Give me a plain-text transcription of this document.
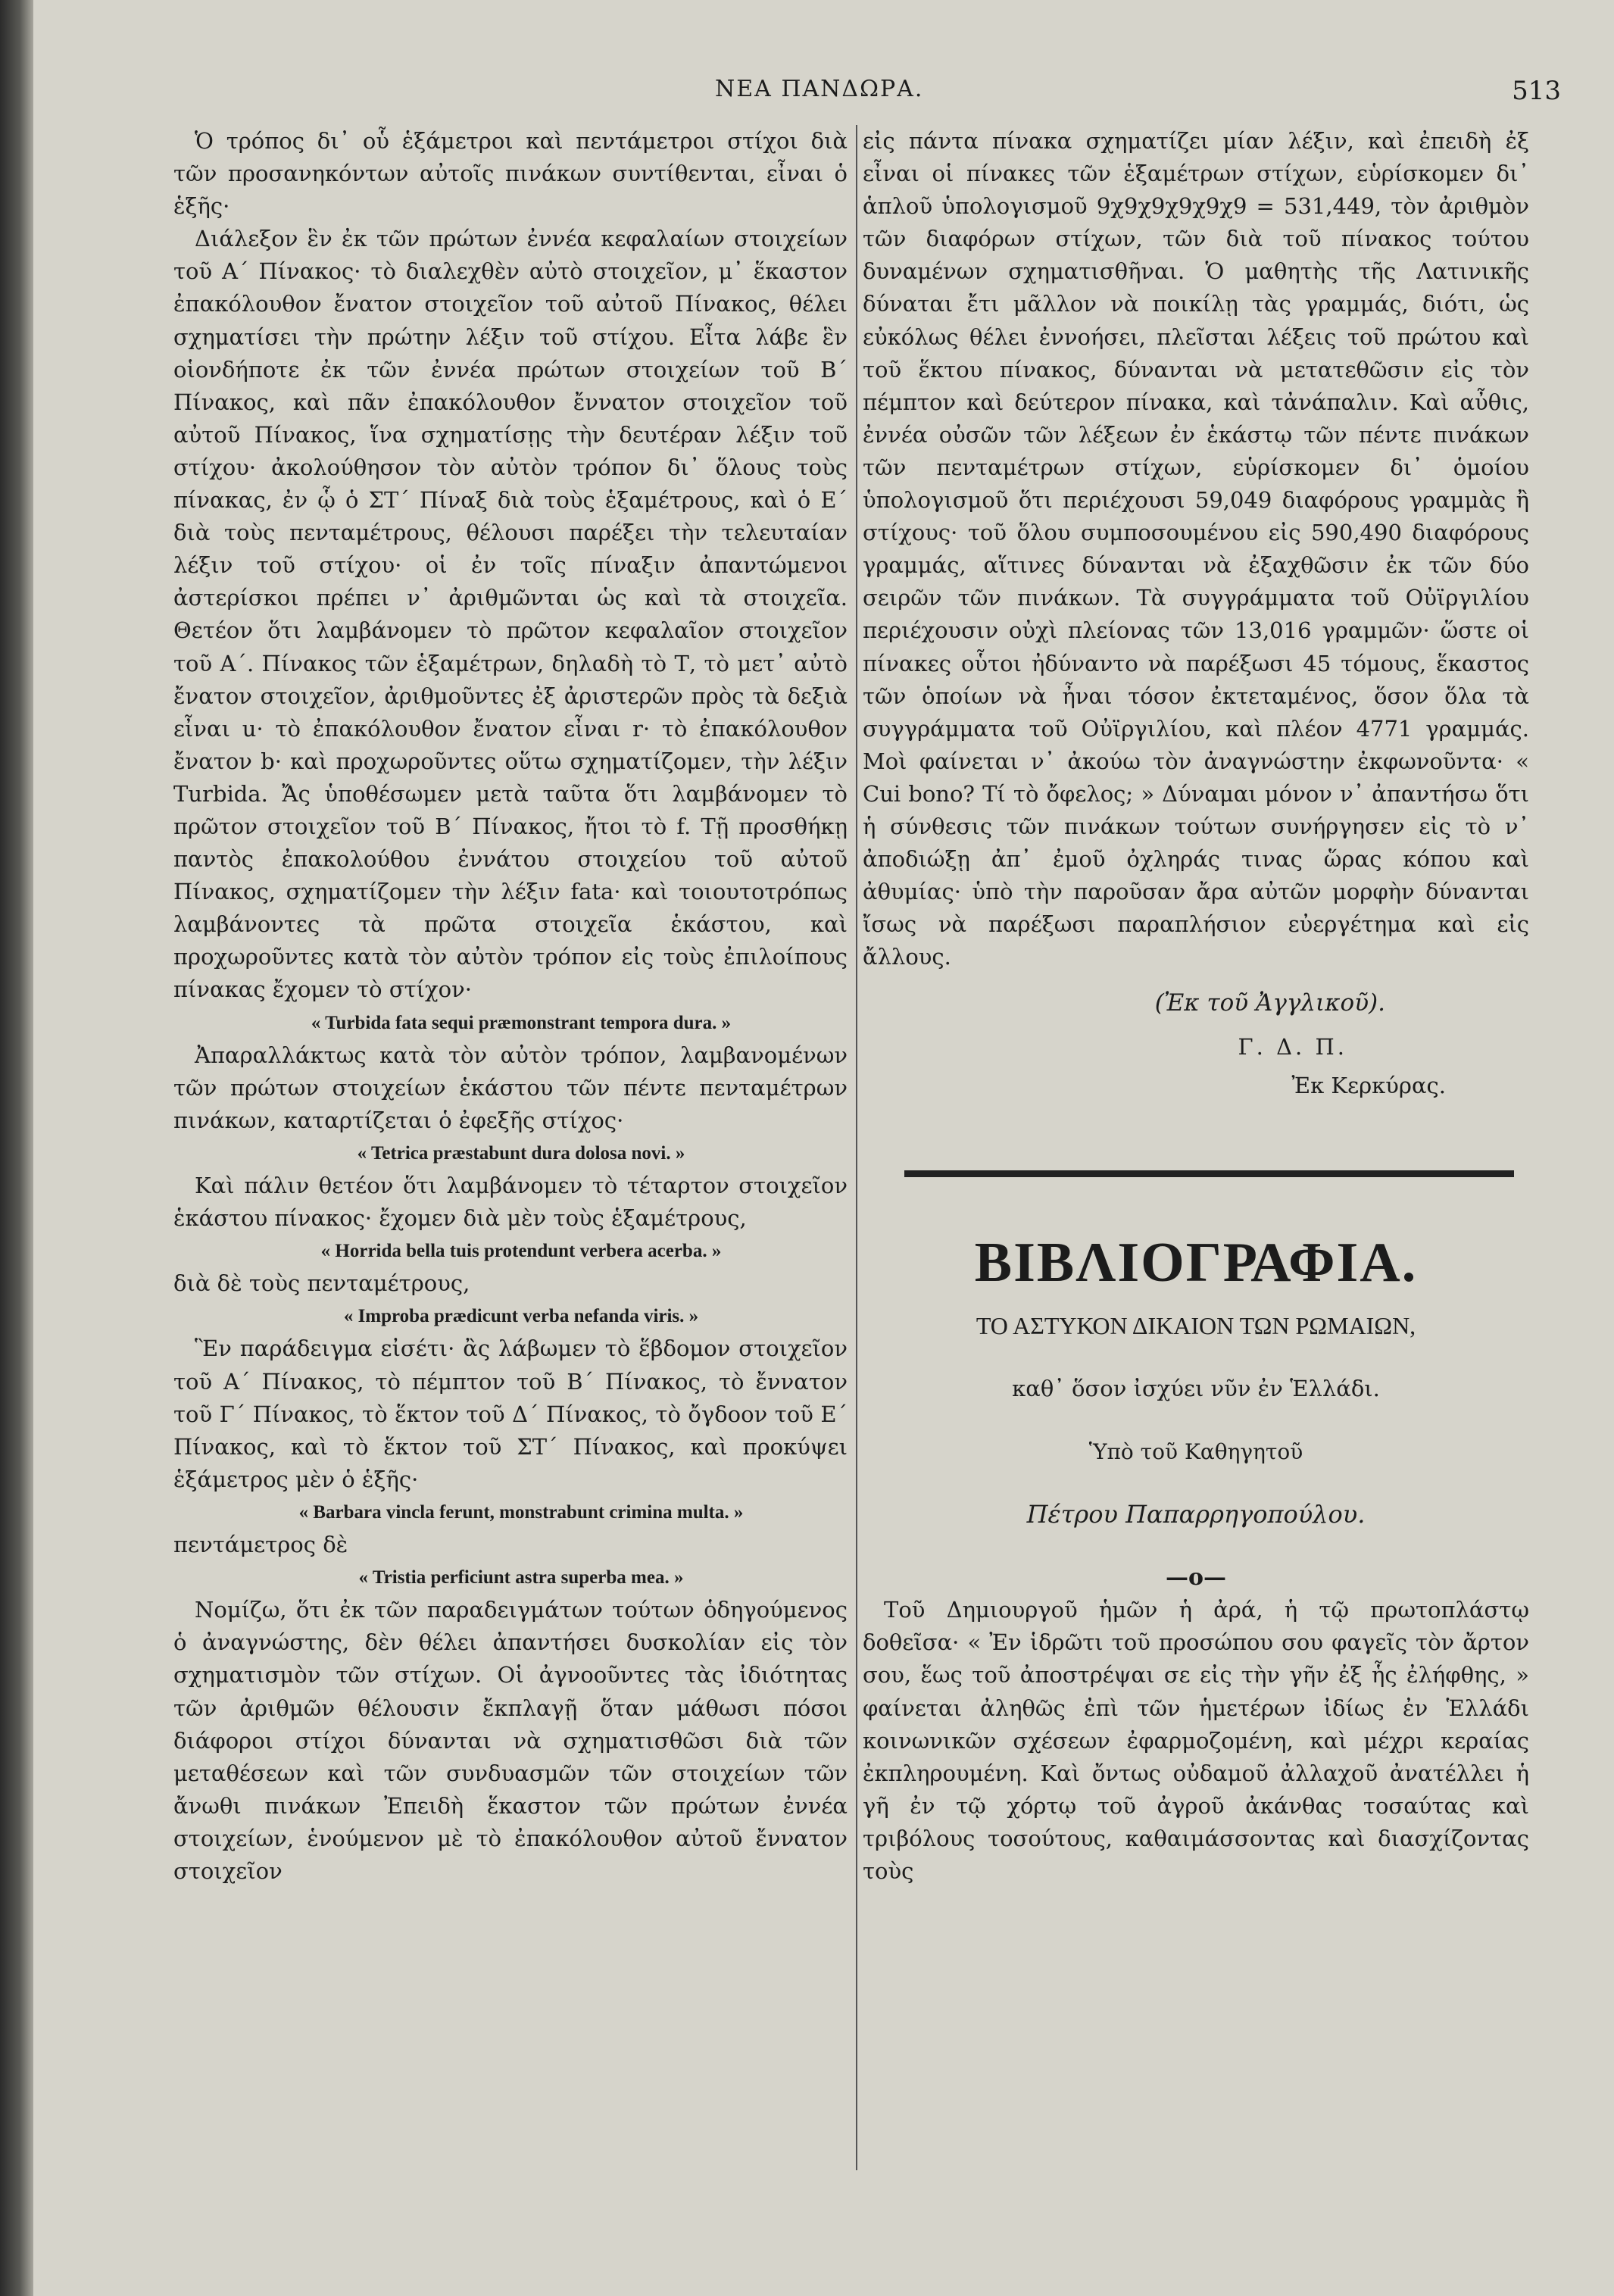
ΝΕΑ ΠΑΝΔΩΡΑ.	513

Ὁ τρόπος δι᾽ οὗ ἑξάμετροι καὶ πεντάμετροι στίχοι διὰ τῶν προσανηκόντων αὐτοῖς πινάκων συντίθενται, εἶναι ὁ ἑξῆς·

Διάλεξον ἓν ἐκ τῶν πρώτων ἐννέα κεφαλαίων στοιχείων τοῦ Α΄ Πίνακος· τὸ διαλεχθὲν αὐτὸ στοιχεῖον, μ᾽ ἕκαστον ἐπακόλουθον ἔνατον στοιχεῖον τοῦ αὐτοῦ Πίνακος, θέλει σχηματίσει τὴν πρώτην λέξιν τοῦ στίχου. Εἶτα λάβε ἓν οἱονδήποτε ἐκ τῶν ἐννέα πρώτων στοιχείων τοῦ Β΄ Πίνακος, καὶ πᾶν ἐπακόλουθον ἔννατον στοιχεῖον τοῦ αὐτοῦ Πίνακος, ἵνα σχηματίσῃς τὴν δευτέραν λέξιν τοῦ στίχου· ἀκολούθησον τὸν αὐτὸν τρόπον δι᾽ ὅλους τοὺς πίνακας, ἐν ᾧ ὁ ΣΤ΄ Πίναξ διὰ τοὺς ἑξαμέτρους, καὶ ὁ Ε΄ διὰ τοὺς πενταμέτρους, θέλουσι παρέξει τὴν τελευταίαν λέξιν τοῦ στίχου· οἱ ἐν τοῖς πίναξιν ἀπαντώμενοι ἀστερίσκοι πρέπει ν᾽ ἀριθμῶνται ὡς καὶ τὰ στοιχεῖα. Θετέον ὅτι λαμβάνομεν τὸ πρῶτον κεφαλαῖον στοιχεῖον τοῦ Α΄. Πίνακος τῶν ἑξαμέτρων, δηλαδὴ τὸ Τ, τὸ μετ᾽ αὐτὸ ἔνατον στοιχεῖον, ἀριθμοῦντες ἐξ ἀριστερῶν πρὸς τὰ δεξιὰ εἶναι u· τὸ ἐπακόλουθον ἔνατον εἶναι r· τὸ ἐπακόλουθον ἔνατον b· καὶ προχωροῦντες οὕτω σχηματίζομεν, τὴν λέξιν Turbida. Ἄς ὑποθέσωμεν μετὰ ταῦτα ὅτι λαμβάνομεν τὸ πρῶτον στοιχεῖον τοῦ Β΄ Πίνακος, ἤτοι τὸ f. Τῇ προσθήκῃ παντὸς ἐπακολούθου ἐννάτου στοιχείου τοῦ αὐτοῦ Πίνακος, σχηματίζομεν τὴν λέξιν fata· καὶ τοιουτοτρόπως λαμβάνοντες τὰ πρῶτα στοιχεῖα ἑκάστου, καὶ προχωροῦντες κατὰ τὸν αὐτὸν τρόπον εἰς τοὺς ἐπιλοίπους πίνακας ἔχομεν τὸ στίχον·

« Turbida fata sequi præmonstrant tempora dura. »

Ἀπαραλλάκτως κατὰ τὸν αὐτὸν τρόπον, λαμβανομένων τῶν πρώτων στοιχείων ἑκάστου τῶν πέντε πενταμέτρων πινάκων, καταρτίζεται ὁ ἐφεξῆς στίχος·

« Tetrica præstabunt dura dolosa novi. »

Καὶ πάλιν θετέον ὅτι λαμβάνομεν τὸ τέταρτον στοιχεῖον ἑκάστου πίνακος· ἔχομεν διὰ μὲν τοὺς ἑξαμέτρους,

« Horrida bella tuis protendunt verbera acerba. »

διὰ δὲ τοὺς πενταμέτρους,

« Improba prædicunt verba nefanda viris. »

Ἓν παράδειγμα εἰσέτι· ἂς λάβωμεν τὸ ἕβδομον στοιχεῖον τοῦ Α΄ Πίνακος, τὸ πέμπτον τοῦ Β΄ Πίνακος, τὸ ἔννατον τοῦ Γ΄ Πίνακος, τὸ ἕκτον τοῦ Δ΄ Πίνακος, τὸ ὄγδοον τοῦ Ε΄ Πίνακος, καὶ τὸ ἕκτον τοῦ ΣΤ΄ Πίνακος, καὶ προκύψει ἑξάμετρος μὲν ὁ ἑξῆς·

« Barbara vincla ferunt, monstrabunt crimina multa. »

πεντάμετρος δὲ

« Tristia perficiunt astra superba mea. »

Νομίζω, ὅτι ἐκ τῶν παραδειγμάτων τούτων ὁδηγούμενος ὁ ἀναγνώστης, δὲν θέλει ἀπαντήσει δυσκολίαν εἰς τὸν σχηματισμὸν τῶν στίχων. Οἱ ἀγνοοῦντες τὰς ἰδιότητας τῶν ἀριθμῶν θέλουσιν ἔκπλαγῇ ὅταν μάθωσι πόσοι διάφοροι στίχοι δύνανται νὰ σχηματισθῶσι διὰ τῶν μεταθέσεων καὶ τῶν συνδυασμῶν τῶν στοιχείων τῶν ἄνωθι πινάκων Ἐπειδὴ ἕκαστον τῶν πρώτων ἐννέα στοιχείων, ἑνούμενον μὲ τὸ ἐπακόλουθον αὐτοῦ ἔννατον στοιχεῖον

εἰς πάντα πίνακα σχηματίζει μίαν λέξιν, καὶ ἐπειδὴ ἐξ εἶναι οἱ πίνακες τῶν ἑξαμέτρων στίχων, εὑρίσκομεν δι᾽ ἁπλοῦ ὑπολογισμοῦ 9χ9χ9χ9χ9χ9 = 531,449, τὸν ἀριθμὸν τῶν διαφόρων στίχων, τῶν διὰ τοῦ πίνακος τούτου δυναμένων σχηματισθῆναι. Ὁ μαθητὴς τῆς Λατινικῆς δύναται ἔτι μᾶλλον νὰ ποικίλῃ τὰς γραμμάς, διότι, ὡς εὐκόλως θέλει ἐννοήσει, πλεῖσται λέξεις τοῦ πρώτου καὶ τοῦ ἕκτου πίνακος, δύνανται νὰ μετατεθῶσιν εἰς τὸν πέμπτον καὶ δεύτερον πίνακα, καὶ τἀνάπαλιν. Καὶ αὖθις, ἐννέα οὐσῶν τῶν λέξεων ἐν ἑκάστῳ τῶν πέντε πινάκων τῶν πενταμέτρων στίχων, εὑρίσκομεν δι᾽ ὁμοίου ὑπολογισμοῦ ὅτι περιέχουσι 59,049 διαφόρους γραμμὰς ἢ στίχους· τοῦ ὅλου συμποσουμένου εἰς 590,490 διαφόρους γραμμάς, αἵτινες δύνανται νὰ ἐξαχθῶσιν ἐκ τῶν δύο σειρῶν τῶν πινάκων. Τὰ συγγράμματα τοῦ Οὐϊργιλίου περιέχουσιν οὐχὶ πλείονας τῶν 13,016 γραμμῶν· ὥστε οἱ πίνακες οὗτοι ἠδύναντο νὰ παρέξωσι 45 τόμους, ἕκαστος τῶν ὁποίων νὰ ἦναι τόσον ἐκτεταμένος, ὅσον ὅλα τὰ συγγράμματα τοῦ Οὐϊργιλίου, καὶ πλέον 4771 γραμμάς. Μοὶ φαίνεται ν᾽ ἀκούω τὸν ἀναγνώστην ἐκφωνοῦντα· « Cui bono? Τί τὸ ὄφελος; » Δύναμαι μόνον ν᾽ ἀπαντήσω ὅτι ἡ σύνθεσις τῶν πινάκων τούτων συνήργησεν εἰς τὸ ν᾽ ἀποδιώξῃ ἀπ᾽ ἐμοῦ ὀχληράς τινας ὥρας κόπου καὶ ἀθυμίας· ὑπὸ τὴν παροῦσαν ἄρα αὐτῶν μορφὴν δύνανται ἴσως νὰ παρέξωσι παραπλήσιον εὐεργέτημα καὶ εἰς ἄλλους.

(Ἐκ τοῦ Ἀγγλικοῦ).
Γ. Δ. Π.
Ἐκ Κερκύρας.
ΒΙΒΛΙΟΓΡΑΦΙΑ.
ΤΟ ΑΣΤΥΚΟΝ ΔΙΚΑΙΟΝ ΤΩΝ ΡΩΜΑΙΩΝ,
καθ᾽ ὅσον ἰσχύει νῦν ἐν Ἑλλάδι.
Ὑπὸ τοῦ Καθηγητοῦ
Πέτρου Παπαρρηγοπούλου.
—ο—

Τοῦ Δημιουργοῦ ἡμῶν ἡ ἀρά, ἡ τῷ πρωτοπλάστῳ δοθεῖσα· « Ἐν ἱδρῶτι τοῦ προσώπου σου φαγεῖς τὸν ἄρτον σου, ἕως τοῦ ἀποστρέψαι σε εἰς τὴν γῆν ἐξ ἧς ἐλήφθης, » φαίνεται ἀληθῶς ἐπὶ τῶν ἡμετέρων ἰδίως ἐν Ἑλλάδι κοινωνικῶν σχέσεων ἐφαρμοζομένη, καὶ μέχρι κεραίας ἐκπληρουμένη. Καὶ ὄντως οὐδαμοῦ ἀλλαχοῦ ἀνατέλλει ἡ γῆ ἐν τῷ χόρτῳ τοῦ ἀγροῦ ἀκάνθας τοσαύτας καὶ τριβόλους τοσούτους, καθαιμάσσοντας καὶ διασχίζοντας τοὺς
